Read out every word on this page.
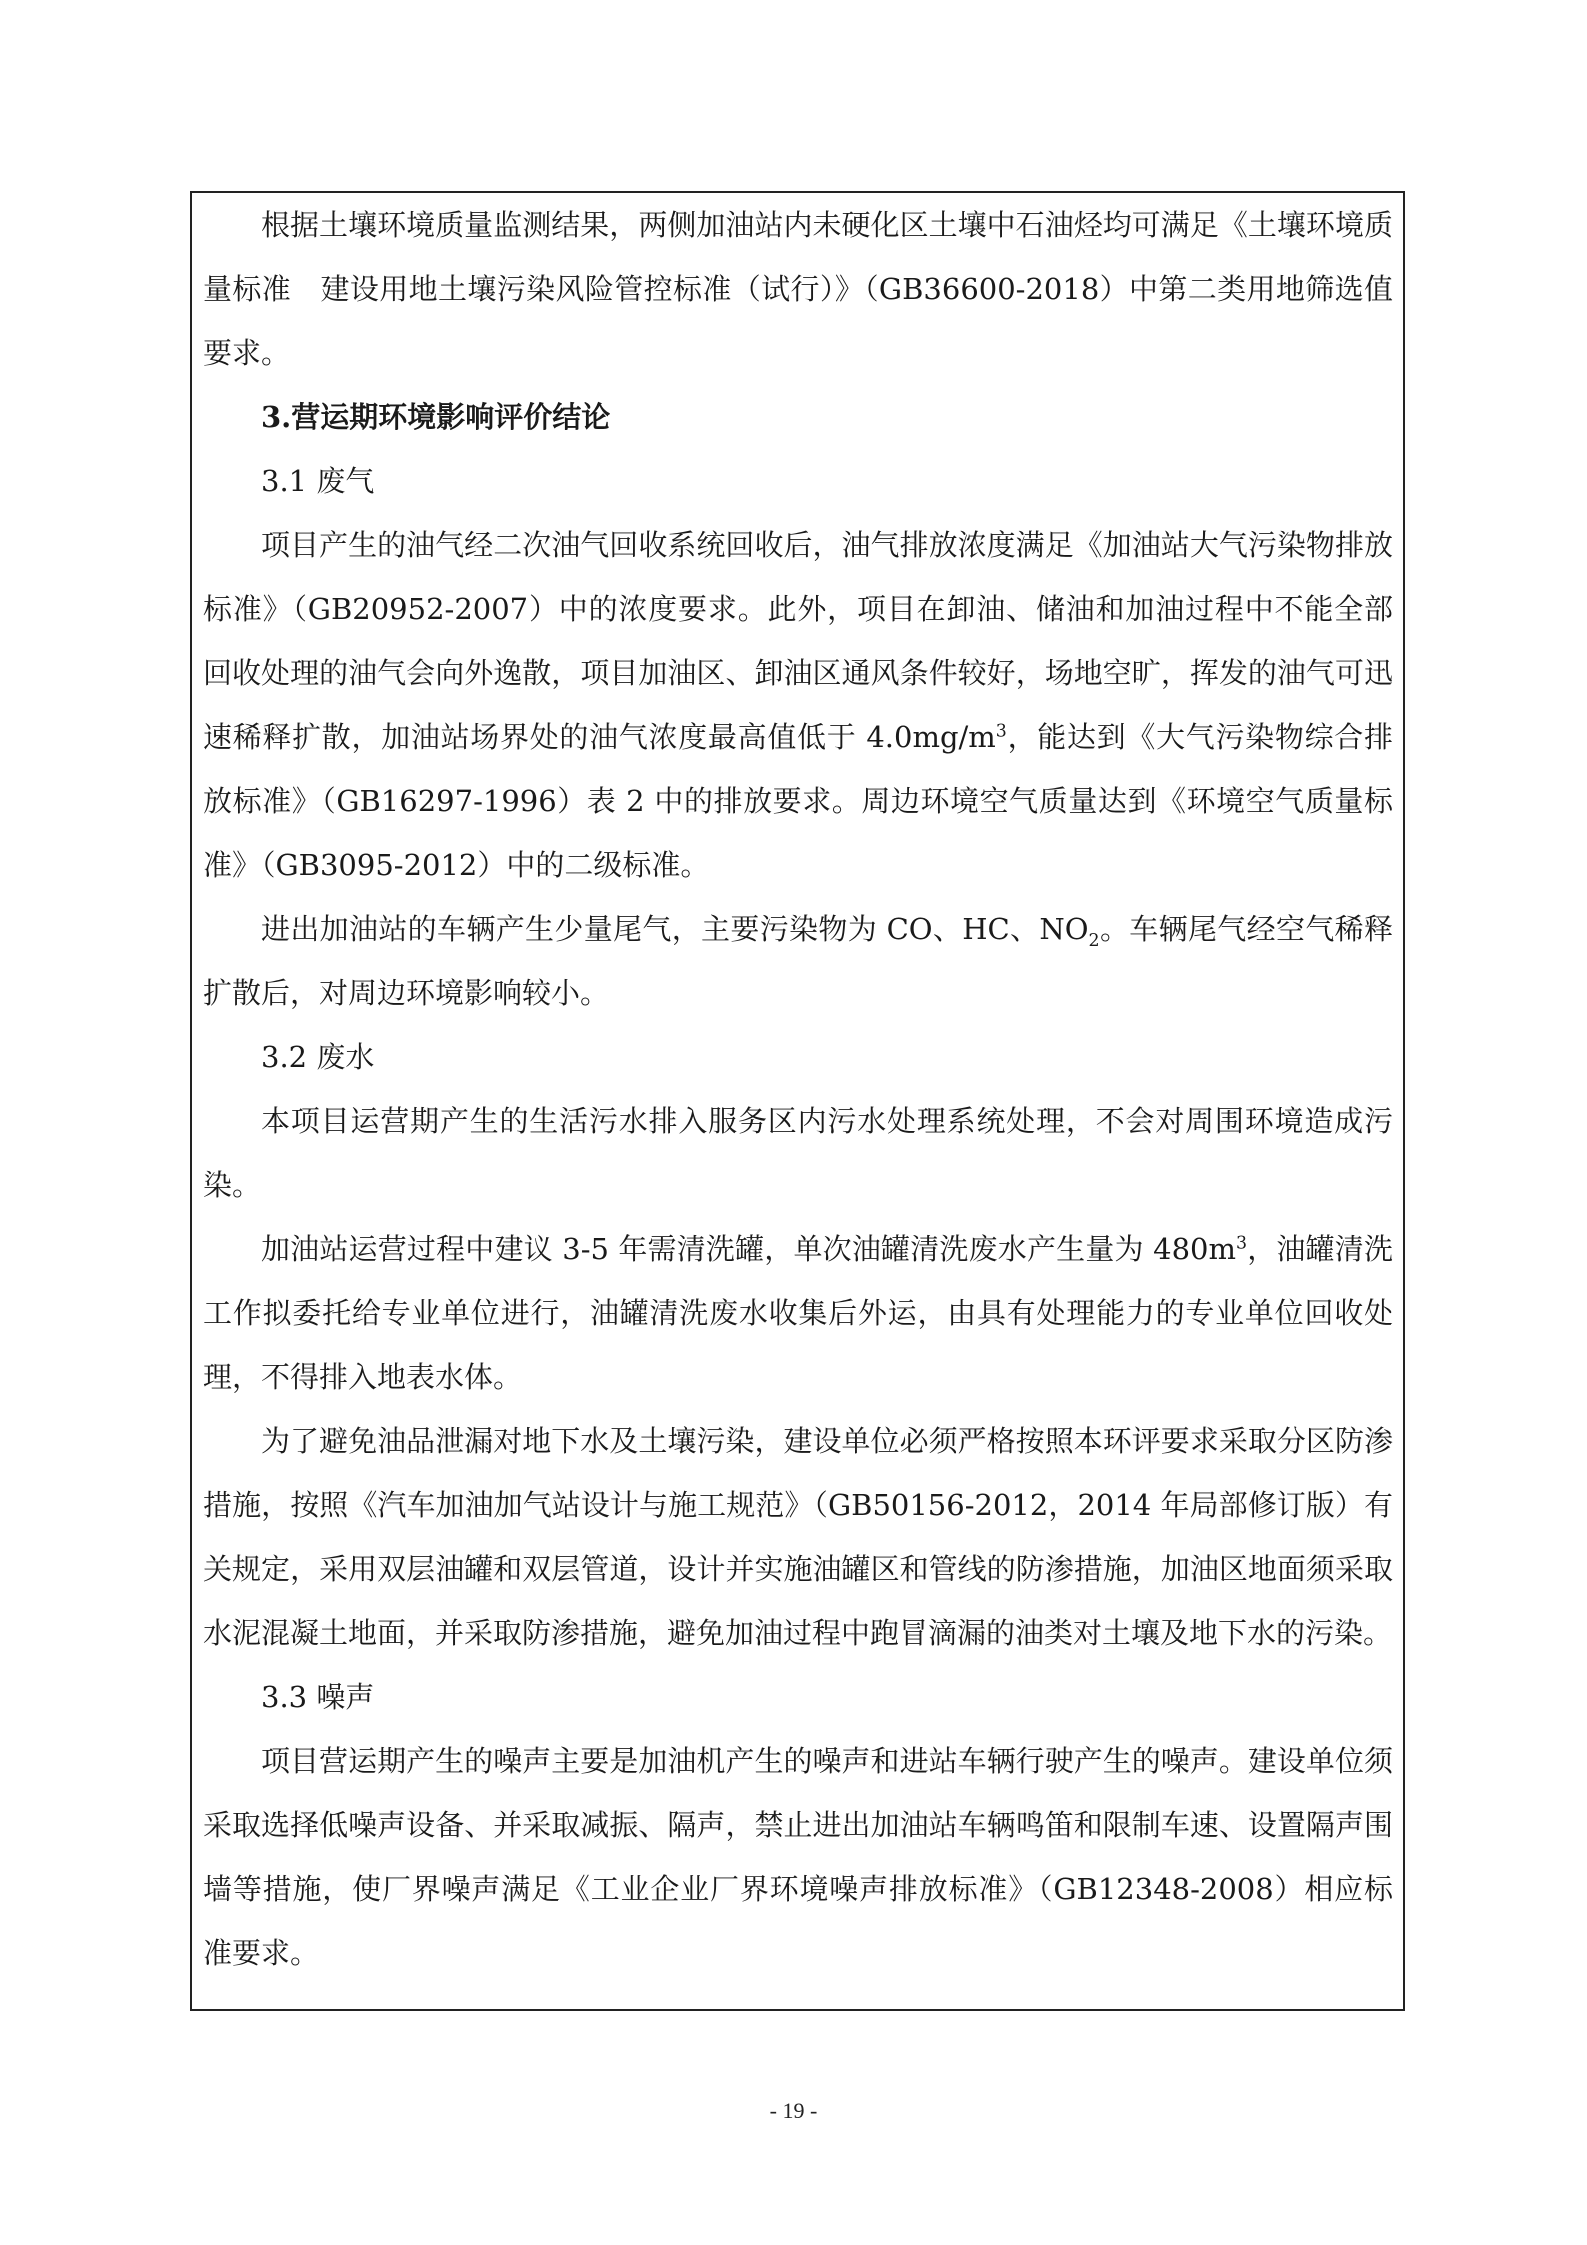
根据土壤环境质量监测结果，两侧加油站内未硬化区土壤中石油烃均可满足《土壤环境质量标准　建设用地土壤污染风险管控标准（试行）》（GB36600-2018）中第二类用地筛选值要求。

3.营运期环境影响评价结论

3.1 废气

项目产生的油气经二次油气回收系统回收后，油气排放浓度满足《加油站大气污染物排放标准》（GB20952-2007）中的浓度要求。此外，项目在卸油、储油和加油过程中不能全部回收处理的油气会向外逸散，项目加油区、卸油区通风条件较好，场地空旷，挥发的油气可迅速稀释扩散，加油站场界处的油气浓度最高值低于 $4.0mg/m^3$，能达到《大气污染物综合排放标准》（GB16297-1996）表 2 中的排放要求。周边环境空气质量达到《环境空气质量标准》（GB3095-2012）中的二级标准。

进出加油站的车辆产生少量尾气，主要污染物为 CO、HC、$NO_2$。车辆尾气经空气稀释扩散后，对周边环境影响较小。

3.2 废水

本项目运营期产生的生活污水排入服务区内污水处理系统处理，不会对周围环境造成污染。

加油站运营过程中建议 3-5 年需清洗罐，单次油罐清洗废水产生量为 $480m^3$，油罐清洗工作拟委托给专业单位进行，油罐清洗废水收集后外运，由具有处理能力的专业单位回收处理，不得排入地表水体。

为了避免油品泄漏对地下水及土壤污染，建设单位必须严格按照本环评要求采取分区防渗措施，按照《汽车加油加气站设计与施工规范》（GB50156-2012，2014 年局部修订版）有关规定，采用双层油罐和双层管道，设计并实施油罐区和管线的防渗措施，加油区地面须采取水泥混凝土地面，并采取防渗措施，避免加油过程中跑冒滴漏的油类对土壤及地下水的污染。

3.3 噪声

项目营运期产生的噪声主要是加油机产生的噪声和进站车辆行驶产生的噪声。建设单位须采取选择低噪声设备、并采取减振、隔声，禁止进出加油站车辆鸣笛和限制车速、设置隔声围墙等措施，使厂界噪声满足《工业企业厂界环境噪声排放标准》（GB12348-2008）相应标准要求。

- 19 -
